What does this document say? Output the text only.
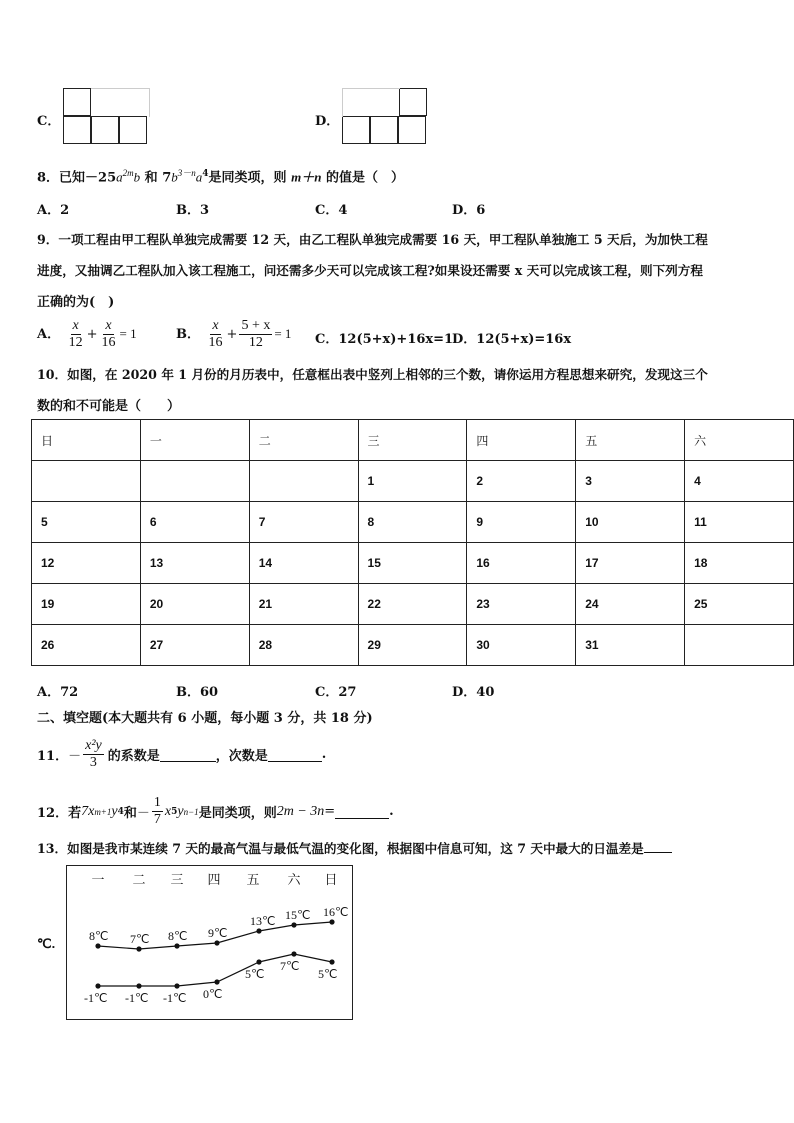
C．	D．
8．已知$-25a^{2m}b$ 和 $7b^{3-n}a^4$是同类项，则 m＋n 的值是（　）
A．2	B．3	C．4	D．6
9．一项工程由甲工程队单独完成需要 12 天，由乙工程队单独完成需要 16 天，甲工程队单独施工 5 天后，为加快工程
进度，又抽调乙工程队加入该工程施工，问还需多少天可以完成该工程?如果设还需要 x 天可以完成该工程，则下列方程
正确的为(　)
A． $\frac{x}{12} + \frac{x}{16} = 1$	B． $\frac{x}{16} + \frac{5 + x}{12} = 1$ C．12(5+x)+16x=1
D．12(5+x)=16x
10．如图，在 2020 年 1 月份的月历表中，任意框出表中竖列上相邻的三个数，请你运用方程思想来研究，发现这三个
数的和不可能是（　　）
日	一	二	三	四	五	六
			1	2	3	4
5	6	7	8	9	10	11
12	13	14	15	16	17	18
19	20	21	22	23	24	25
26	27	28	29	30	31	
A．72	B．60	C．27	D．40
二、填空题(本大题共有 6 小题，每小题 3 分，共 18 分)
11． － $\frac{\text{x²y}}{3}$ 的系数是	，次数是	.
12．若 7x m+1 y 4 和 － $\frac{1}{7}$ x 5 y n−1 是同类项，则 2m − 3n =	.
13．如图是我市某连续 7 天的最高气温与最低气温的变化图，根据图中信息可知，这 7 天中最大的日温差是
℃.
一 二 三 四 五 六 日
8℃ 7℃ 8℃ 9℃
13℃ 15℃ 16℃
-1℃ -1℃ -1℃ 0℃
5℃
7℃
5℃
